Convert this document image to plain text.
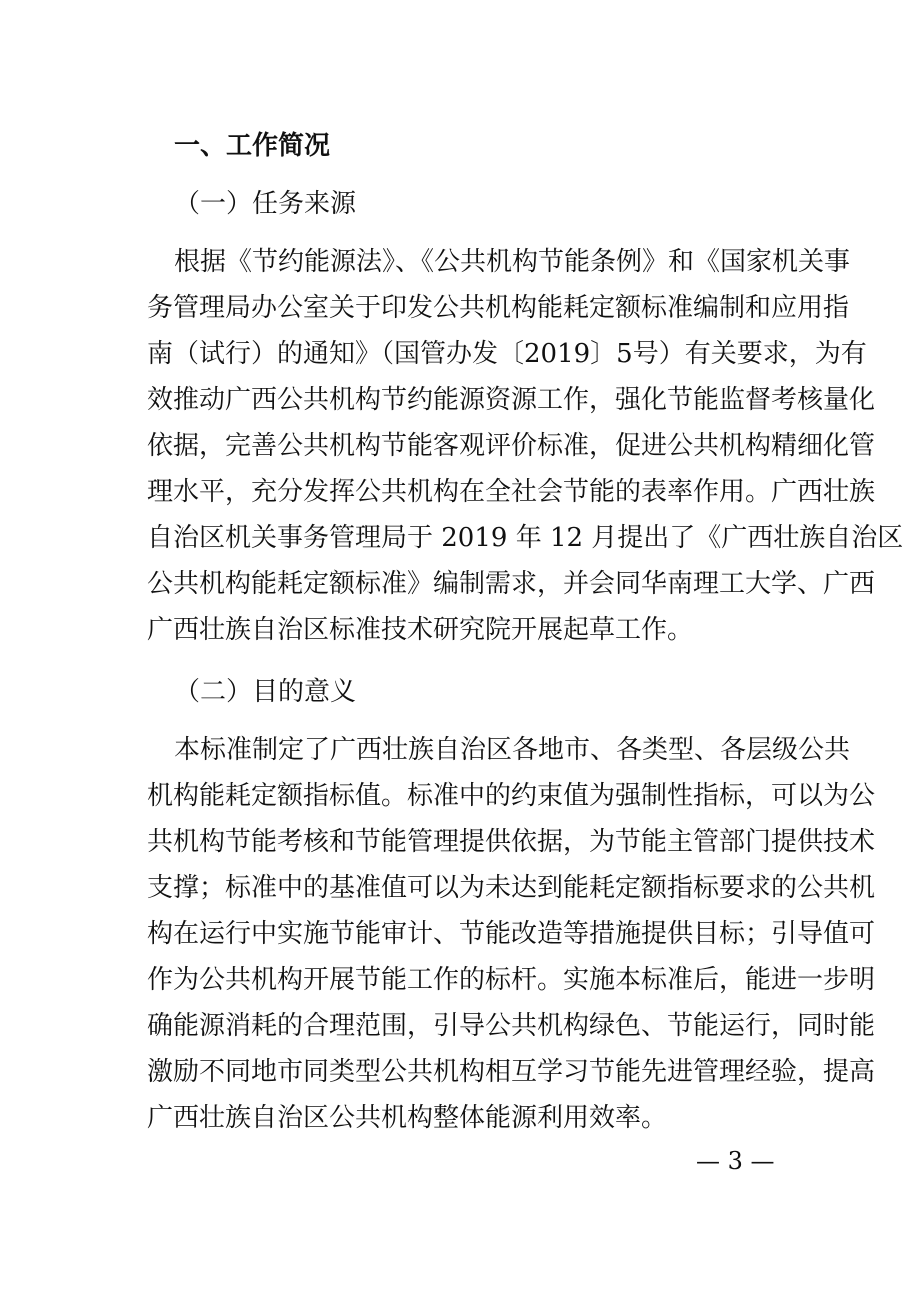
一、工作简况
（一）任务来源
根据《节约能源法》、《公共机构节能条例》和《国家机关事
务管理局办公室关于印发公共机构能耗定额标准编制和应用指
南（试行）的通知》（国管办发〔2019〕5号）有关要求，为有
效推动广西公共机构节约能源资源工作，强化节能监督考核量化
依据，完善公共机构节能客观评价标准，促进公共机构精细化管
理水平，充分发挥公共机构在全社会节能的表率作用。广西壮族
自治区机关事务管理局于 2019 年 12 月提出了《广西壮族自治区
公共机构能耗定额标准》编制需求，并会同华南理工大学、广西
广西壮族自治区标准技术研究院开展起草工作。
（二）目的意义
本标准制定了广西壮族自治区各地市、各类型、各层级公共
机构能耗定额指标值。标准中的约束值为强制性指标，可以为公
共机构节能考核和节能管理提供依据，为节能主管部门提供技术
支撑；标准中的基准值可以为未达到能耗定额指标要求的公共机
构在运行中实施节能审计、节能改造等措施提供目标；引导值可
作为公共机构开展节能工作的标杆。实施本标准后，能进一步明
确能源消耗的合理范围，引导公共机构绿色、节能运行，同时能
激励不同地市同类型公共机构相互学习节能先进管理经验，提高
广西壮族自治区公共机构整体能源利用效率。
— 3 —
